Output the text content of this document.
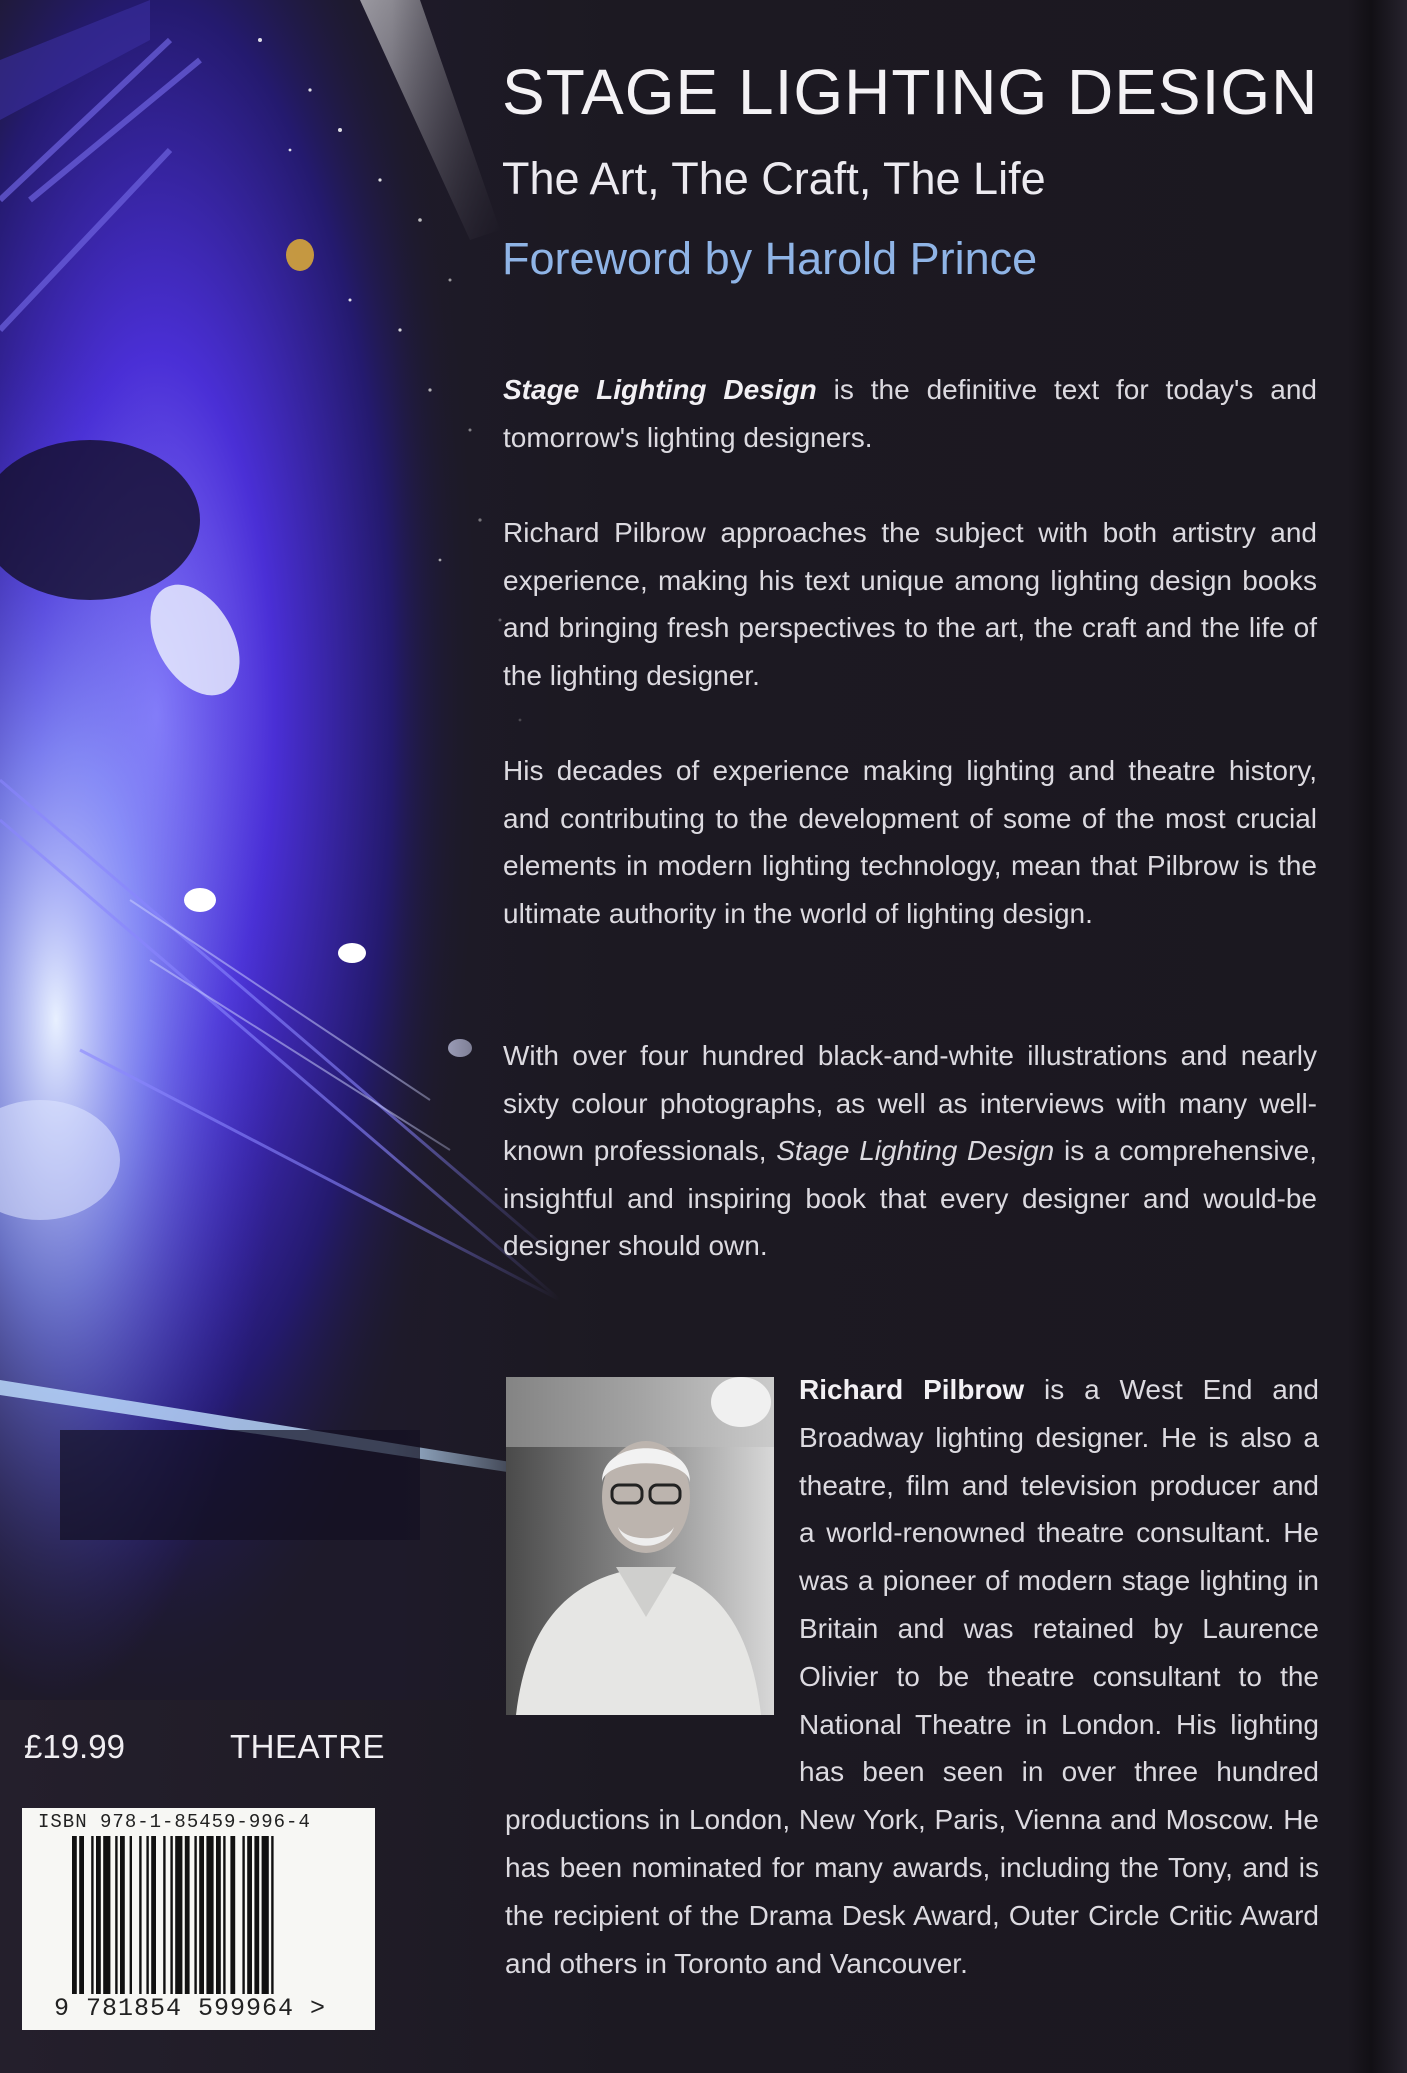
STAGE LIGHTING DESIGN
The Art, The Craft, The Life
Foreword by Harold Prince

Stage Lighting Design is the definitive text for today's and tomorrow's lighting designers.

Richard Pilbrow approaches the subject with both artistry and experience, making his text unique among lighting design books and bringing fresh perspectives to the art, the craft and the life of the lighting designer.

His decades of experience making lighting and theatre history, and contributing to the development of some of the most crucial elements in modern lighting technology, mean that Pilbrow is the ultimate authority in the world of lighting design.

With over four hundred black-and-white illustrations and nearly sixty colour photographs, as well as interviews with many well-known professionals, Stage Lighting Design is a comprehensive, insightful and inspiring book that every designer and would-be designer should own.

Richard Pilbrow is a West End and Broadway lighting designer. He is also a theatre, film and television producer and a world-renowned theatre consultant. He was a pioneer of modern stage lighting in Britain and was retained by Laurence Olivier to be theatre consultant to the National Theatre in London. His lighting has been seen in over three hundred productions in London, New York, Paris, Vienna and Moscow. He has been nominated for many awards, including the Tony, and is the recipient of the Drama Desk Award, Outer Circle Critic Award and others in Toronto and Vancouver.

£19.99	THEATRE
ISBN 978-1-85459-996-4
9 781854 599964 >
